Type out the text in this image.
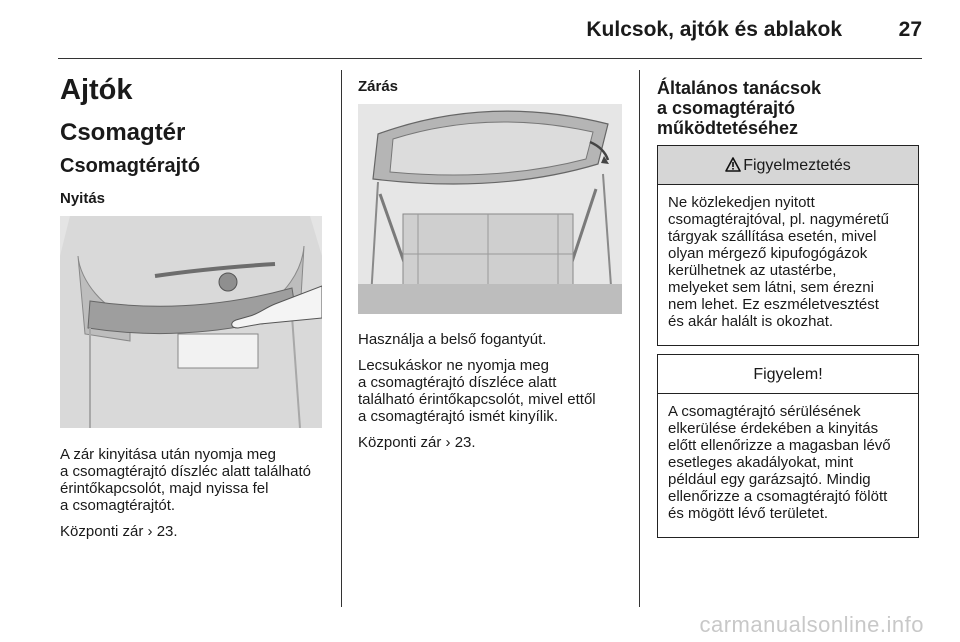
Kulcsok, ajtók és ablakok	27
Ajtók
Csomagtér
Csomagtérajtó
Nyitás

A zár kinyitása után nyomja meg
a csomagtérajtó díszléc alatt található
érintőkapcsolót, majd nyissa fel
a csomagtérajtót.

Központi zár › 23.

Zárás

Használja a belső fogantyút.

Lecsukáskor ne nyomja meg
a csomagtérajtó díszléce alatt
található érintőkapcsolót, mivel ettől
a csomagtérajtó ismét kinyílik.

Központi zár › 23.

Általános tanácsok
a csomagtérajtó
működtetéséhez
Figyelmeztetés
Ne közlekedjen nyitott
csomagtérajtóval, pl. nagyméretű
tárgyak szállítása esetén, mivel
olyan mérgező kipufogógázok
kerülhetnek az utastérbe,
melyeket sem látni, sem érezni
nem lehet. Ez eszméletvesztést
és akár halált is okozhat.
Figyelem!
A csomagtérajtó sérülésének
elkerülése érdekében a kinyitás
előtt ellenőrizze a magasban lévő
esetleges akadályokat, mint
például egy garázsajtó. Mindig
ellenőrizze a csomagtérajtó fölött
és mögött lévő területet.
carmanualsonline.info
